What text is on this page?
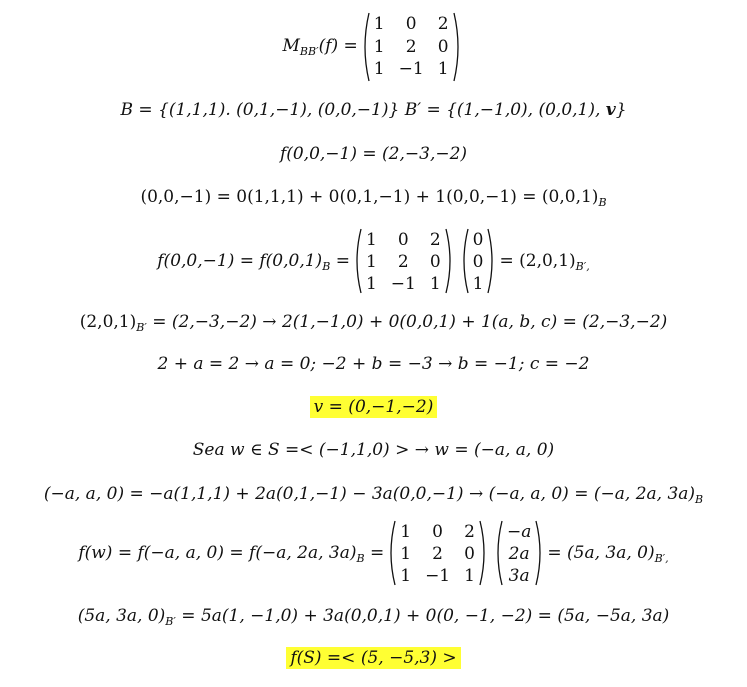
$M_{BB'}(f)$ =
1	0	2
1	2	0
1 −1 1
B = {(1,1,1). (0,1,−1), (0,0,−1)} B′ = {(1,−1,0), (0,0,1), v}
f(0,0,−1) = (2,−3,−2)
$(0,0,-1) = 0(1,1,1) + 0(0,1,-1) + 1(0,0,-1) = (0,0,1)_B$
$f(0,0,-1) = f(0,0,1)_B$ =
1	0	2
1	2	0
1 −1 1
0
0
1
= $(2,0,1)_{B',}$
$(2,0,1)_{B'} = (2,-3,-2) \to 2(1,-1,0) + 0(0,0,1) + 1(a$, b, c) = (2,−3,−2)
2 + a = 2 → a = 0; −2 + b = −3 → b = −1; c = −2
v = (0,−1,−2)
Sea w ∈ S =< (−1,1,0) > → w = (−a, a, 0)
(−a, a, 0) = −a(1,1,1) + 2a(0,1,−1) − 3a(0,0,−1) → (−a, a, 0) = (−a, 2a, $3a)_B$
f(w) = f(−a, a, 0) = f(−a, 2a, $3a)_B$ =
1	0	2
1	2	0
1 −1 1
−a
2a
3a
= (5a, 3a, $0)_{B',}$
(5a, 3a, $0)_{B'} = 5a(1$, −1,0) + 3a(0,0,1) + 0(0, −1, −2) = (5a, −5a, 3a)
f(S) =< (5, −5,3) >
